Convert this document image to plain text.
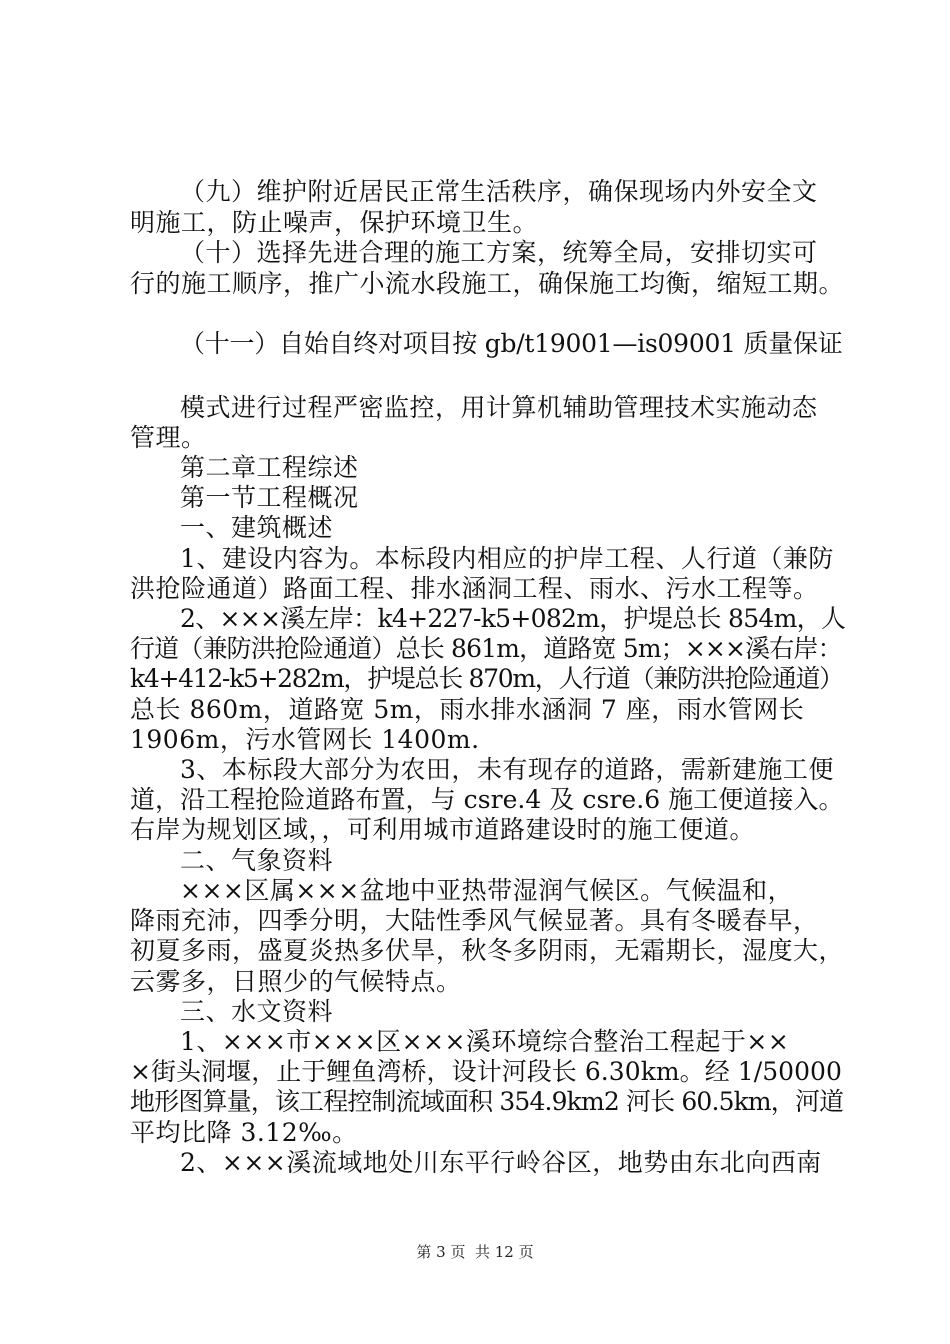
（九）维护附近居民正常生活秩序，确保现场内外安全文
明施工，防止噪声，保护环境卫生。
（十）选择先进合理的施工方案，统筹全局，安排切实可
行的施工顺序，推广小流水段施工，确保施工均衡，缩短工期。
（十一）自始自终对项目按 gb/t19001—is09001 质量保证
模式进行过程严密监控，用计算机辅助管理技术实施动态
管理。
第二章工程综述
第一节工程概况
一、建筑概述
1、建设内容为。本标段内相应的护岸工程、人行道（兼防
洪抢险通道）路面工程、排水涵洞工程、雨水、污水工程等。
2、×××溪左岸：k4+227-k5+082m，护堤总长 854m，人
行道（兼防洪抢险通道）总长 861m，道路宽 5m；×××溪右岸：
k4+412-k5+282m，护堤总长 870m，人行道（兼防洪抢险通道）
总长 860m，道路宽 5m，雨水排水涵洞 7 座，雨水管网长
1906m，污水管网长 1400m.
3、本标段大部分为农田，未有现存的道路，需新建施工便
道，沿工程抢险道路布置，与 csre.4 及 csre.6 施工便道接入。
右岸为规划区域，，可利用城市道路建设时的施工便道。
二、气象资料
×××区属×××盆地中亚热带湿润气候区。气候温和，
降雨充沛，四季分明，大陆性季风气候显著。具有冬暖春早，
初夏多雨，盛夏炎热多伏旱，秋冬多阴雨，无霜期长，湿度大，
云雾多，日照少的气候特点。
三、水文资料
1、×××市×××区×××溪环境综合整治工程起于××
×街头洞堰，止于鲤鱼湾桥，设计河段长 6.30km。经 1/50000
地形图算量，该工程控制流域面积 354.9km2 河长 60.5km，河道
平均比降 3.12‰。
2、×××溪流域地处川东平行岭谷区，地势由东北向西南
第 3 页  共 12 页
